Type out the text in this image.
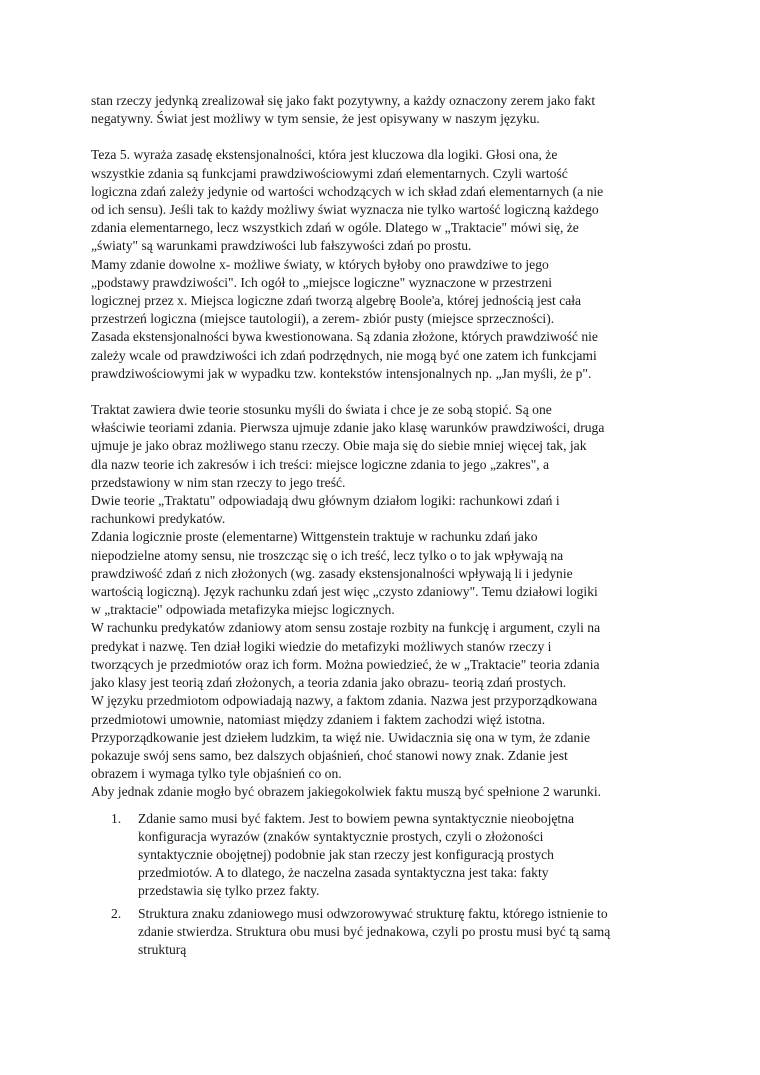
stan rzeczy jedynką zrealizował się jako fakt pozytywny, a każdy oznaczony zerem jako fakt

negatywny. Świat jest możliwy w tym sensie, że jest opisywany w naszym języku.

Teza 5. wyraża zasadę ekstensjonalności, która jest kluczowa dla logiki. Głosi ona, że

wszystkie zdania są funkcjami prawdziwościowymi zdań elementarnych. Czyli wartość

logiczna zdań zależy jedynie od wartości wchodzących w ich skład zdań elementarnych (a nie

od ich sensu). Jeśli tak to każdy możliwy świat wyznacza nie tylko wartość logiczną każdego

zdania elementarnego, lecz wszystkich zdań w ogóle. Dlatego w „Traktacie" mówi się, że

„światy" są warunkami prawdziwości lub fałszywości zdań po prostu.

Mamy zdanie dowolne x- możliwe światy, w których byłoby ono prawdziwe to jego

„podstawy prawdziwości". Ich ogół to „miejsce logiczne" wyznaczone w przestrzeni

logicznej przez x. Miejsca logiczne zdań tworzą algebrę Boole'a, której jednością jest cała

przestrzeń logiczna (miejsce tautologii), a zerem- zbiór pusty (miejsce sprzeczności).

Zasada ekstensjonalności bywa kwestionowana. Są zdania złożone, których prawdziwość nie

zależy wcale od prawdziwości ich zdań podrzędnych, nie mogą być one zatem ich funkcjami

prawdziwościowymi jak w wypadku tzw. kontekstów intensjonalnych np. „Jan myśli, że p".

Traktat zawiera dwie teorie stosunku myśli do świata i chce je ze sobą stopić. Są one

właściwie teoriami zdania. Pierwsza ujmuje zdanie jako klasę warunków prawdziwości, druga

ujmuje je jako obraz możliwego stanu rzeczy. Obie maja się do siebie mniej więcej tak, jak

dla nazw teorie ich zakresów i ich treści: miejsce logiczne zdania to jego „zakres", a

przedstawiony w nim stan rzeczy to jego treść.

Dwie teorie „Traktatu" odpowiadają dwu głównym działom logiki: rachunkowi zdań i

rachunkowi predykatów.

Zdania logicznie proste (elementarne) Wittgenstein traktuje w rachunku zdań jako

niepodzielne atomy sensu, nie troszcząc się o ich treść, lecz tylko o to jak wpływają na

prawdziwość zdań z nich złożonych (wg. zasady ekstensjonalności wpływają li i jedynie

wartością logiczną). Język rachunku zdań jest więc „czysto zdaniowy". Temu działowi logiki

w „traktacie" odpowiada metafizyka miejsc logicznych.

W rachunku predykatów zdaniowy atom sensu zostaje rozbity na funkcję i argument, czyli na

predykat i nazwę. Ten dział logiki wiedzie do metafizyki możliwych stanów rzeczy i

tworzących je przedmiotów oraz ich form. Można powiedzieć, że w „Traktacie" teoria zdania

jako klasy jest teorią zdań złożonych, a teoria zdania jako obrazu- teorią zdań prostych.

W języku przedmiotom odpowiadają nazwy, a faktom zdania. Nazwa jest przyporządkowana

przedmiotowi umownie, natomiast między zdaniem i faktem zachodzi więź istotna.

Przyporządkowanie jest dziełem ludzkim, ta więź nie. Uwidacznia się ona w tym, że zdanie

pokazuje swój sens samo, bez dalszych objaśnień, choć stanowi nowy znak. Zdanie jest

obrazem i wymaga tylko tyle objaśnień co on.

Aby jednak zdanie mogło być obrazem jakiegokolwiek faktu muszą być spełnione 2 warunki.

1. Zdanie samo musi być faktem. Jest to bowiem pewna syntaktycznie nieobojętna

konfiguracja wyrazów (znaków syntaktycznie prostych, czyli o złożoności

syntaktycznie obojętnej) podobnie jak stan rzeczy jest konfiguracją prostych

przedmiotów. A to dlatego, że naczelna zasada syntaktyczna jest taka: fakty

przedstawia się tylko przez fakty.

2. Struktura znaku zdaniowego musi odwzorowywać strukturę faktu, którego istnienie to

zdanie stwierdza. Struktura obu musi być jednakowa, czyli po prostu musi być tą samą

strukturą
